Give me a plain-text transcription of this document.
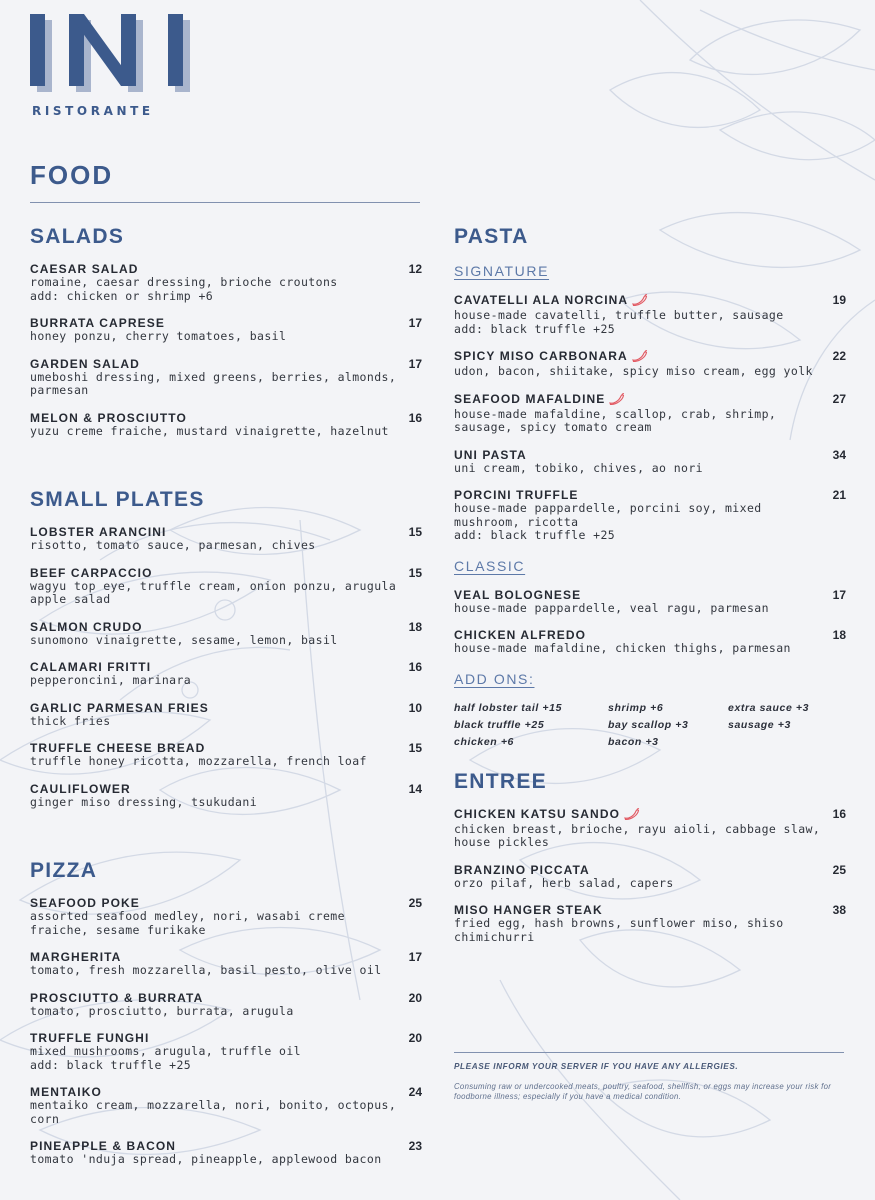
RISTORANTE
FOOD
SALADS
CAESAR SALAD	12
romaine, caesar dressing, brioche croutons
add: chicken or shrimp +6
BURRATA CAPRESE	17
honey ponzu, cherry tomatoes, basil
GARDEN SALAD	17
umeboshi dressing, mixed greens, berries, almonds, parmesan
MELON & PROSCIUTTO	16
yuzu creme fraiche, mustard vinaigrette, hazelnut
SMALL PLATES
LOBSTER ARANCINI	15
risotto, tomato sauce, parmesan, chives
BEEF CARPACCIO	15
wagyu top eye, truffle cream, onion ponzu, arugula apple salad
SALMON CRUDO	18
sunomono vinaigrette, sesame, lemon, basil
CALAMARI FRITTI	16
pepperoncini, marinara
GARLIC PARMESAN FRIES	10
thick fries
TRUFFLE CHEESE BREAD	15
truffle honey ricotta, mozzarella, french loaf
CAULIFLOWER	14
ginger miso dressing, tsukudani
PIZZA
SEAFOOD POKE	25
assorted seafood medley, nori, wasabi creme fraiche, sesame furikake
MARGHERITA	17
tomato, fresh mozzarella, basil pesto, olive oil
PROSCIUTTO & BURRATA	20
tomato, prosciutto, burrata, arugula
TRUFFLE FUNGHI	20
mixed mushrooms, arugula, truffle oil
add: black truffle +25
MENTAIKO	24
mentaiko cream, mozzarella, nori, bonito, octopus, corn
PINEAPPLE & BACON	23
tomato 'nduja spread, pineapple, applewood bacon
PASTA
SIGNATURE
CAVATELLI ALA NORCINA	19
house-made cavatelli, truffle butter, sausage
add: black truffle +25
SPICY MISO CARBONARA	22
udon, bacon, shiitake, spicy miso cream, egg yolk
SEAFOOD MAFALDINE	27
house-made mafaldine, scallop, crab, shrimp, sausage, spicy tomato cream
UNI PASTA	34
uni cream, tobiko, chives, ao nori
PORCINI TRUFFLE	21
house-made pappardelle, porcini soy, mixed mushroom, ricotta
add: black truffle +25
CLASSIC
VEAL BOLOGNESE	17
house-made pappardelle, veal ragu, parmesan
CHICKEN ALFREDO	18
house-made mafaldine, chicken thighs, parmesan
ADD ONS:
half lobster tail +15	shrimp +6	extra sauce +3
black truffle +25	bay scallop +3	sausage +3
chicken +6	bacon +3
ENTREE
CHICKEN KATSU SANDO	16
chicken breast, brioche, rayu aioli, cabbage slaw, house pickles
BRANZINO PICCATA	25
orzo pilaf, herb salad, capers
MISO HANGER STEAK	38
fried egg, hash browns, sunflower miso, shiso chimichurri
PLEASE INFORM YOUR SERVER IF YOU HAVE ANY ALLERGIES.
Consuming raw or undercooked meats, poultry, seafood, shellfish, or eggs may increase your risk for foodborne illness; especially if you have a medical condition.
